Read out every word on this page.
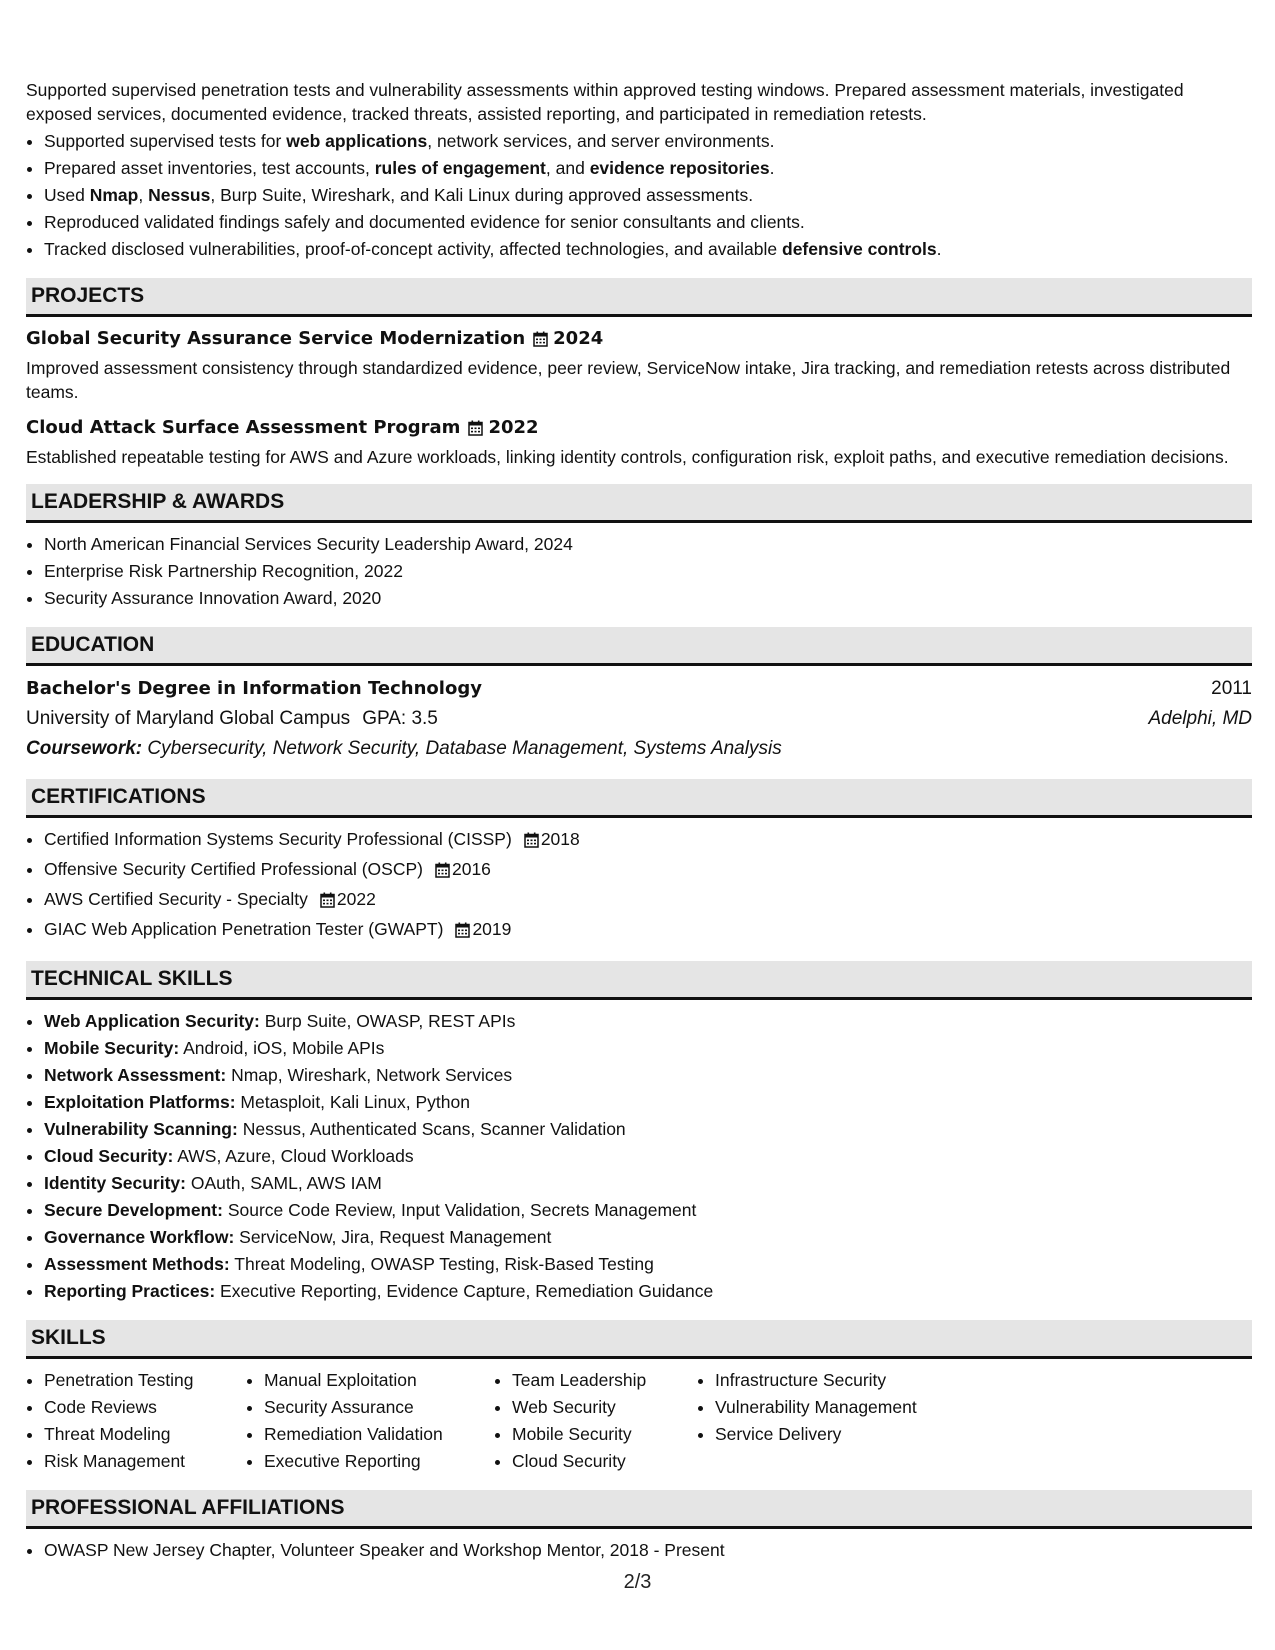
Supported supervised penetration tests and vulnerability assessments within approved testing windows. Prepared assessment materials, investigated exposed services, documented evidence, tracked threats, assisted reporting, and participated in remediation retests.

• Supported supervised tests for web applications, network services, and server environments.
• Prepared asset inventories, test accounts, rules of engagement, and evidence repositories.
• Used Nmap, Nessus, Burp Suite, Wireshark, and Kali Linux during approved assessments.
• Reproduced validated findings safely and documented evidence for senior consultants and clients.
• Tracked disclosed vulnerabilities, proof-of-concept activity, affected technologies, and available defensive controls.
PROJECTS
Global Security Assurance Service Modernization 2024
Improved assessment consistency through standardized evidence, peer review, ServiceNow intake, Jira tracking, and remediation retests across distributed teams.
Cloud Attack Surface Assessment Program 2022
Established repeatable testing for AWS and Azure workloads, linking identity controls, configuration risk, exploit paths, and executive remediation decisions.
LEADERSHIP & AWARDS
• North American Financial Services Security Leadership Award, 2024
• Enterprise Risk Partnership Recognition, 2022
• Security Assurance Innovation Award, 2020
EDUCATION
Bachelor's Degree in Information Technology	2011
University of Maryland Global Campus GPA: 3.5	Adelphi, MD
Coursework: Cybersecurity, Network Security, Database Management, Systems Analysis
CERTIFICATIONS
• Certified Information Systems Security Professional (CISSP) 2018
• Offensive Security Certified Professional (OSCP) 2016
• AWS Certified Security - Specialty 2022
• GIAC Web Application Penetration Tester (GWAPT) 2019
TECHNICAL SKILLS
• Web Application Security: Burp Suite, OWASP, REST APIs
• Mobile Security: Android, iOS, Mobile APIs
• Network Assessment: Nmap, Wireshark, Network Services
• Exploitation Platforms: Metasploit, Kali Linux, Python
• Vulnerability Scanning: Nessus, Authenticated Scans, Scanner Validation
• Cloud Security: AWS, Azure, Cloud Workloads
• Identity Security: OAuth, SAML, AWS IAM
• Secure Development: Source Code Review, Input Validation, Secrets Management
• Governance Workflow: ServiceNow, Jira, Request Management
• Assessment Methods: Threat Modeling, OWASP Testing, Risk-Based Testing
• Reporting Practices: Executive Reporting, Evidence Capture, Remediation Guidance
SKILLS
• Penetration Testing
• Code Reviews
• Threat Modeling
• Risk Management
• Manual Exploitation
• Security Assurance
• Remediation Validation
• Executive Reporting
• Team Leadership
• Web Security
• Mobile Security
• Cloud Security
• Infrastructure Security
• Vulnerability Management
• Service Delivery
PROFESSIONAL AFFILIATIONS
• OWASP New Jersey Chapter, Volunteer Speaker and Workshop Mentor, 2018 - Present
2/3
